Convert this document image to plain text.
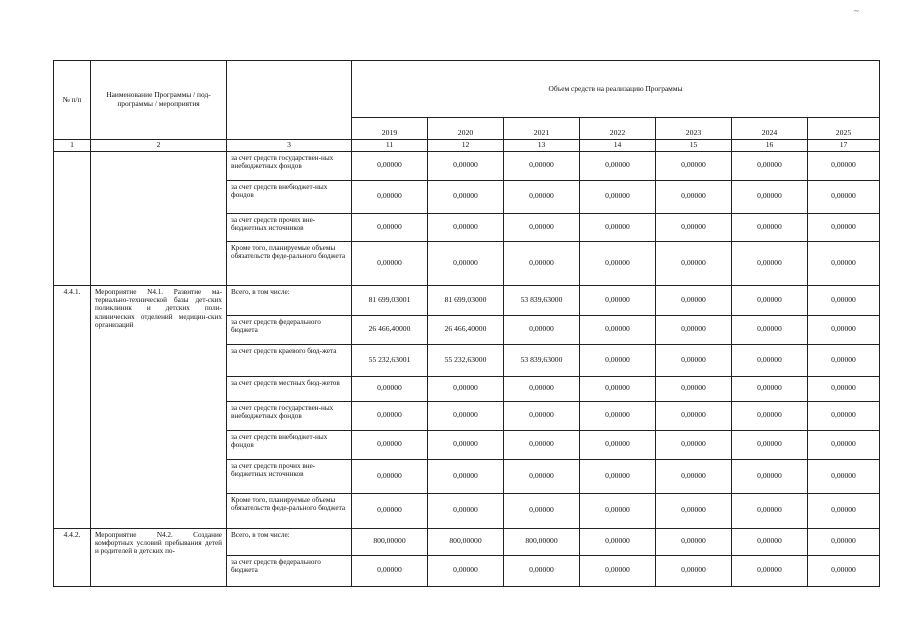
~
№ п/п	Наименование Программы / под-программы / мероприятия		Объем средств на реализацию Программы						
			2019	2020	2021	2022	2023	2024	2025
1	2	3	11	12	13	14	15	16	17
		за счет средств государствен-ных внебюджетных фондов	0,00000	0,00000	0,00000	0,00000	0,00000	0,00000	0,00000
		за счет средств внебюджет-ных фондов	0,00000	0,00000	0,00000	0,00000	0,00000	0,00000	0,00000
		за счет средств прочих вне-бюджетных источников	0,00000	0,00000	0,00000	0,00000	0,00000	0,00000	0,00000
		Кроме того, планируемые объемы обязательств феде-рального бюджета	0,00000	0,00000	0,00000	0,00000	0,00000	0,00000	0,00000
4.4.1.	Мероприятие N4.1. Развитие ма-териально-технической базы дет-ских поликлиник и детских поли-клинических отделений медицин-ских организаций	Всего, в том числе:	81 699,03001	81 699,03000	53 839,63000	0,00000	0,00000	0,00000	0,00000
		за счет средств федерального бюджета	26 466,40000	26 466,40000	0,00000	0,00000	0,00000	0,00000	0,00000
		за счет средств краевого бюд-жета	55 232,63001	55 232,63000	53 839,63000	0,00000	0,00000	0,00000	0,00000
		за счет средств местных бюд-жетов	0,00000	0,00000	0,00000	0,00000	0,00000	0,00000	0,00000
		за счет средств государствен-ных внебюджетных фондов	0,00000	0,00000	0,00000	0,00000	0,00000	0,00000	0,00000
		за счет средств внебюджет-ных фондов	0,00000	0,00000	0,00000	0,00000	0,00000	0,00000	0,00000
		за счет средств прочих вне-бюджетных источников	0,00000	0,00000	0,00000	0,00000	0,00000	0,00000	0,00000
		Кроме того, планируемые объемы обязательств феде-рального бюджета	0,00000	0,00000	0,00000	0,00000	0,00000	0,00000	0,00000
4.4.2.	Мероприятие N4.2. Создание комфортных условий пребывания детей и родителей в детских по-	Всего, в том числе:	800,00000	800,00000	800,00000	0,00000	0,00000	0,00000	0,00000
		за счет средств федерального бюджета	0,00000	0,00000	0,00000	0,00000	0,00000	0,00000	0,00000
